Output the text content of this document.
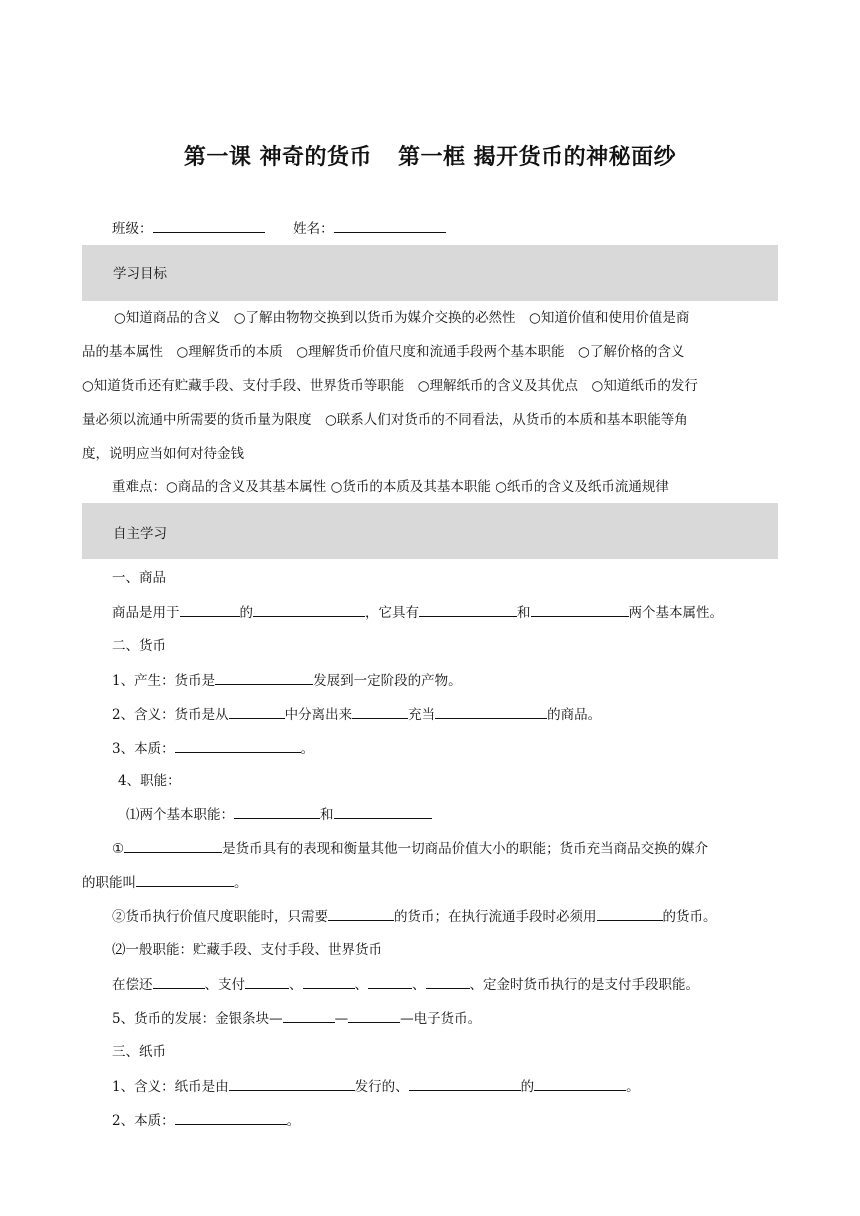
第一课 神奇的货币 第一框 揭开货币的神秘面纱
班级：	姓名：
学习目标
○知道商品的含义　○了解由物物交换到以货币为媒介交换的必然性　○知道价值和使用价值是商
品的基本属性　○理解货币的本质　○理解货币价值尺度和流通手段两个基本职能　○了解价格的含义
○知道货币还有贮藏手段、支付手段、世界货币等职能　○理解纸币的含义及其优点　○知道纸币的发行
量必须以流通中所需要的货币量为限度　○联系人们对货币的不同看法，从货币的本质和基本职能等角
度，说明应当如何对待金钱
重难点：○商品的含义及其基本属性 ○货币的本质及其基本职能 ○纸币的含义及纸币流通规律
自主学习
一、商品
商品是用于	的	，它具有	和	两个基本属性。
二、货币
1、产生：货币是	发展到一定阶段的产物。
2、含义：货币是从	中分离出来	充当	的商品。
3、本质：	。
4、职能：
⑴两个基本职能：	和
①	是货币具有的表现和衡量其他一切商品价值大小的职能；货币充当商品交换的媒介
的职能叫	。
②货币执行价值尺度职能时，只需要	的货币；在执行流通手段时必须用	的货币。
⑵一般职能：贮藏手段、支付手段、世界货币
在偿还	、支付	、	、	、	、定金时货币执行的是支付手段职能。
5、货币的发展：金银条块—	—	—电子货币。
三、纸币
1、含义：纸币是由	发行的、	的	。
2、本质：	。
